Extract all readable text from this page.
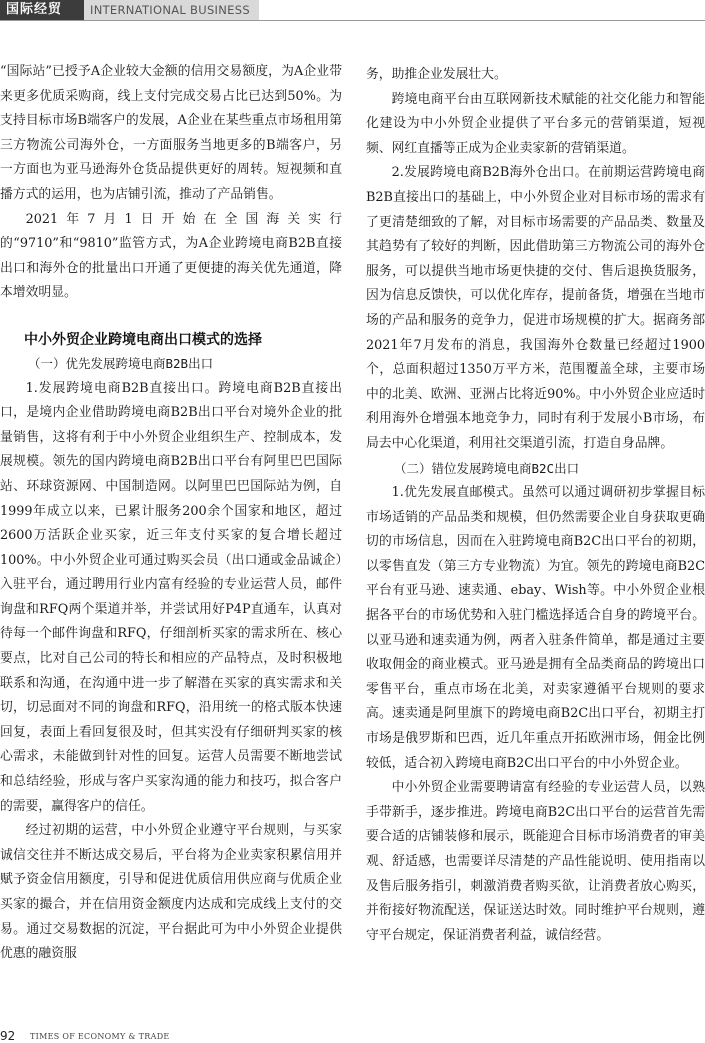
国际经贸	INTERNATIONAL BUSINESS

“国际站”已授予A企业较大金额的信用交易额度，为A企业带来更多优质采购商，线上支付完成交易占比已达到50%。为支持目标市场B端客户的发展，A企业在某些重点市场租用第三方物流公司海外仓，一方面服务当地更多的B端客户，另一方面也为亚马逊海外仓货品提供更好的周转。短视频和直播方式的运用，也为店铺引流，推动了产品销售。

2021年7月1日开始在全国海关实行的“9710”和“9810”监管方式，为A企业跨境电商B2B直接出口和海外仓的批量出口开通了更便捷的海关优先通道，降本增效明显。

中小外贸企业跨境电商出口模式的选择
（一）优先发展跨境电商B2B出口

1.发展跨境电商B2B直接出口。跨境电商B2B直接出口，是境内企业借助跨境电商B2B出口平台对境外企业的批量销售，这将有利于中小外贸企业组织生产、控制成本，发展规模。领先的国内跨境电商B2B出口平台有阿里巴巴国际站、环球资源网、中国制造网。以阿里巴巴国际站为例，自1999年成立以来，已累计服务200余个国家和地区，超过2600万活跃企业买家，近三年支付买家的复合增长超过100%。中小外贸企业可通过购买会员（出口通或金品诚企）入驻平台，通过聘用行业内富有经验的专业运营人员，邮件询盘和RFQ两个渠道并举，并尝试用好P4P直通车，认真对待每一个邮件询盘和RFQ，仔细剖析买家的需求所在、核心要点，比对自己公司的特长和相应的产品特点，及时积极地联系和沟通，在沟通中进一步了解潜在买家的真实需求和关切，切忌面对不同的询盘和RFQ，沿用统一的格式版本快速回复，表面上看回复很及时，但其实没有仔细研判买家的核心需求，未能做到针对性的回复。运营人员需要不断地尝试和总结经验，形成与客户买家沟通的能力和技巧，拟合客户的需要，赢得客户的信任。

经过初期的运营，中小外贸企业遵守平台规则，与买家诚信交往并不断达成交易后，平台将为企业卖家积累信用并赋予资金信用额度，引导和促进优质信用供应商与优质企业买家的撮合，并在信用资金额度内达成和完成线上支付的交易。通过交易数据的沉淀，平台据此可为中小外贸企业提供优惠的融资服

务，助推企业发展壮大。

跨境电商平台由互联网新技术赋能的社交化能力和智能化建设为中小外贸企业提供了平台多元的营销渠道，短视频、网红直播等正成为企业卖家新的营销渠道。

2.发展跨境电商B2B海外仓出口。在前期运营跨境电商B2B直接出口的基础上，中小外贸企业对目标市场的需求有了更清楚细致的了解，对目标市场需要的产品品类、数量及其趋势有了较好的判断，因此借助第三方物流公司的海外仓服务，可以提供当地市场更快捷的交付、售后退换货服务，因为信息反馈快，可以优化库存，提前备货，增强在当地市场的产品和服务的竞争力，促进市场规模的扩大。据商务部2021年7月发布的消息，我国海外仓数量已经超过1900个，总面积超过1350万平方米，范围覆盖全球，主要市场中的北美、欧洲、亚洲占比将近90%。中小外贸企业应适时利用海外仓增强本地竞争力，同时有利于发展小B市场，布局去中心化渠道，利用社交渠道引流，打造自身品牌。

（二）错位发展跨境电商B2C出口

1.优先发展直邮模式。虽然可以通过调研初步掌握目标市场适销的产品品类和规模，但仍然需要企业自身获取更确切的市场信息，因而在入驻跨境电商B2C出口平台的初期，以零售直发（第三方专业物流）为宜。领先的跨境电商B2C平台有亚马逊、速卖通、ebay、Wish等。中小外贸企业根据各平台的市场优势和入驻门槛选择适合自身的跨境平台。以亚马逊和速卖通为例，两者入驻条件简单，都是通过主要收取佣金的商业模式。亚马逊是拥有全品类商品的跨境出口零售平台，重点市场在北美，对卖家遵循平台规则的要求高。速卖通是阿里旗下的跨境电商B2C出口平台，初期主打市场是俄罗斯和巴西，近几年重点开拓欧洲市场，佣金比例较低，适合初入跨境电商B2C出口平台的中小外贸企业。

中小外贸企业需要聘请富有经验的专业运营人员，以熟手带新手，逐步推进。跨境电商B2C出口平台的运营首先需要合适的店铺装修和展示，既能迎合目标市场消费者的审美观、舒适感，也需要详尽清楚的产品性能说明、使用指南以及售后服务指引，刺激消费者购买欲，让消费者放心购买，并衔接好物流配送，保证送达时效。同时维护平台规则，遵守平台规定，保证消费者利益，诚信经营。

92 TIMES OF ECONOMY & TRADE
